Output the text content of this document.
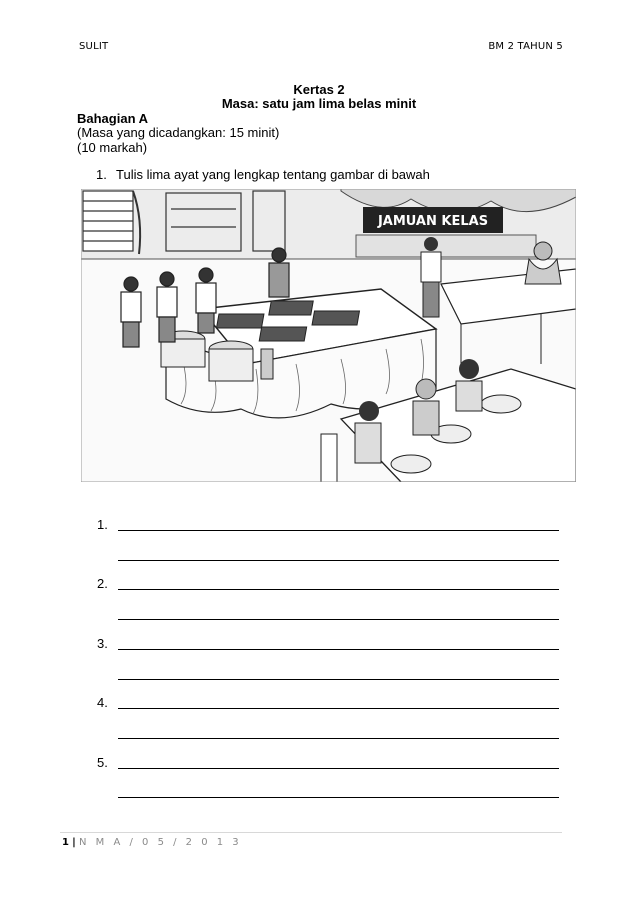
SULIT	BM 2 TAHUN 5
Kertas 2
Masa: satu jam lima belas minit
Bahagian A
(Masa yang dicadangkan: 15 minit)
(10 markah)
1. Tulis lima ayat yang lengkap tentang gambar di bawah
JAMUAN KELAS
1.
2.
3.
4.
5.
1 | N M A / 0 5 / 2 0 1 3
